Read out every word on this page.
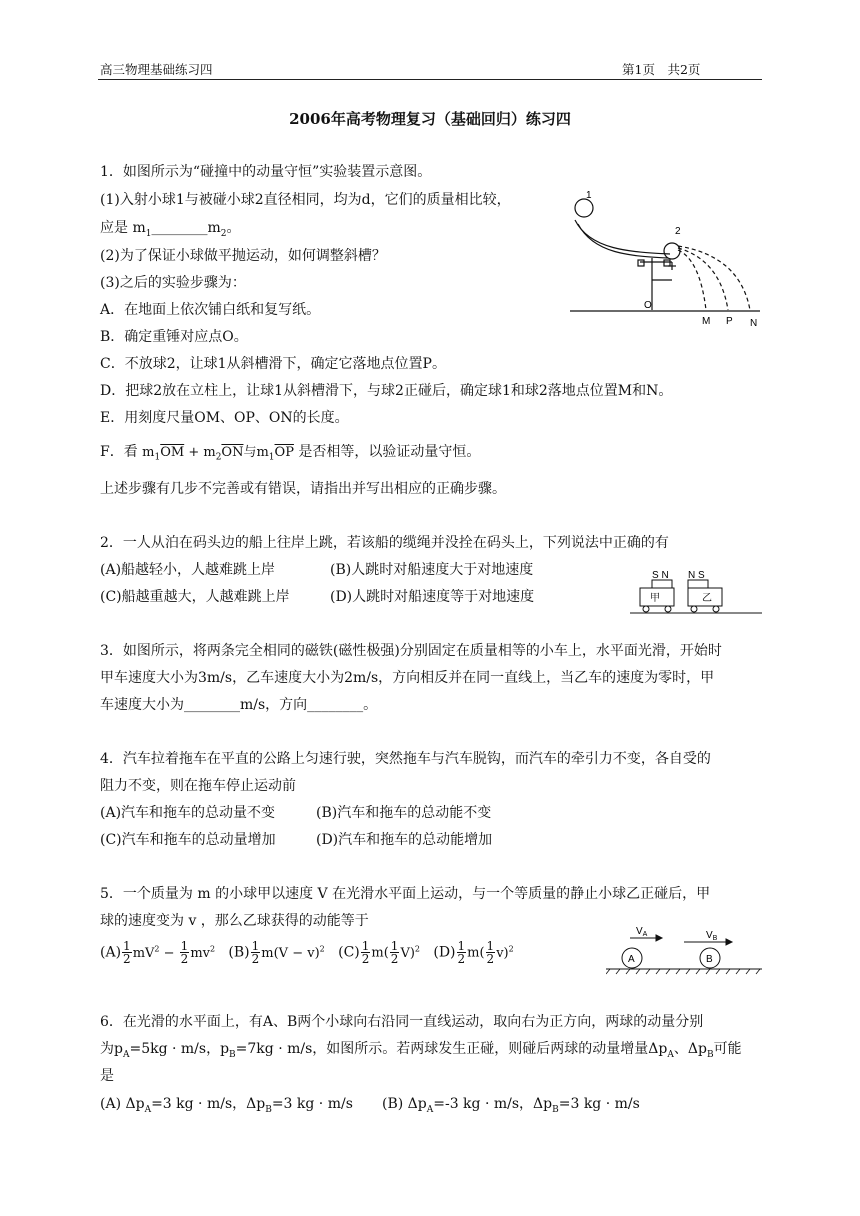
高三物理基础练习四	第1页　共2页
2006年高考物理复习（基础回归）练习四
1．如图所示为“碰撞中的动量守恒”实验装置示意图。
(1)入射小球1与被碰小球2直径相同，均为d，它们的质量相比较，
应是 $m_1\_\_\_\_\_\_\_\_m_2$。
(2)为了保证小球做平抛运动，如何调整斜槽？
(3)之后的实验步骤为：
A．在地面上依次铺白纸和复写纸。
B．确定重锤对应点O。
C．不放球2，让球1从斜槽滑下，确定它落地点位置P。
D．把球2放在立柱上，让球1从斜槽滑下，与球2正碰后，确定球1和球2落地点位置M和N。
E．用刻度尺量OM、OP、ON的长度。
F．看 $m_1\overline{OM} + m_2\overline{ON}$与$m_1\overline{OP}$ 是否相等，以验证动量守恒。
上述步骤有几步不完善或有错误，请指出并写出相应的正确步骤。
1
2
O
M P N
2．一人从泊在码头边的船上往岸上跳，若该船的缆绳并没拴在码头上，下列说法中正确的有
(A)船越轻小，人越难跳上岸	(B)人跳时对船速度大于对地速度
(C)船越重越大，人越难跳上岸	(D)人跳时对船速度等于对地速度
S N N S
甲	乙
3．如图所示，将两条完全相同的磁铁(磁性极强)分别固定在质量相等的小车上，水平面光滑，开始时
甲车速度大小为3m/s，乙车速度大小为2m/s，方向相反并在同一直线上，当乙车的速度为零时，甲
车速度大小为________m/s，方向________。
4．汽车拉着拖车在平直的公路上匀速行驶，突然拖车与汽车脱钩，而汽车的牵引力不变，各自受的
阻力不变，则在拖车停止运动前
(A)汽车和拖车的总动量不变	(B)汽车和拖车的总动能不变
(C)汽车和拖车的总动量增加	(D)汽车和拖车的总动能增加
5．一个质量为 m 的小球甲以速度 V 在光滑水平面上运动，与一个等质量的静止小球乙正碰后，甲
球的速度变为 v ，那么乙球获得的动能等于
$(A) \frac{1}{2} mV^2 - \frac{1}{2} mv^2$   $(B) \frac{1}{2} m(V - v)^2$   $(C) \frac{1}{2} m( \frac{1}{2} V)^2$   $(D) \frac{1}{2} m( \frac{1}{2} v)^2$
$V_A$	$V_B$
A	B
6．在光滑的水平面上，有A、B两个小球向右沿同一直线运动，取向右为正方向，两球的动量分别
为$p_A=5kg \cdot m/s$，$p_B=7kg \cdot m/s$，如图所示。若两球发生正碰，则碰后两球的动量增量$\Delta p_A$、$\Delta p_B$可能
是
(A) $\Delta p_A=3$ kg · m/s，$\Delta p_B=3$ kg · m/s (B) $\Delta p_A=-3$ kg · m/s，$\Delta p_B=3$ kg · m/s
